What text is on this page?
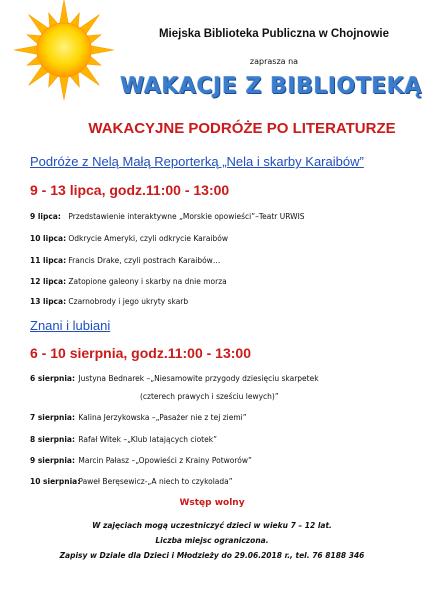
Miejska Biblioteka Publiczna w Chojnowie
zaprasza na
WAKACJE Z BIBLIOTEKĄ
WAKACYJNE PODRÓŻE PO LITERATURZE
Podróże z Nelą Małą Reporterką „Nela i skarby Karaibów”
9 - 13 lipca, godz.11:00 - 13:00
9 lipca: Przedstawienie interaktywne „Morskie opowieści”–Teatr URWIS
10 lipca: Odkrycie Ameryki, czyli odkrycie Karaibów
11 lipca: Francis Drake, czyli postrach Karaibów…
12 lipca: Zatopione galeony i skarby na dnie morza
13 lipca: Czarnobrody i jego ukryty skarb
Znani i lubiani
6 - 10 sierpnia, godz.11:00 - 13:00
6 sierpnia: Justyna Bednarek –„Niesamowite przygody dziesięciu skarpetek
(czterech prawych i sześciu lewych)”
7 sierpnia: Kalina Jerzykowska –„Pasażer nie z tej ziemi”
8 sierpnia: Rafał Witek –„Klub latających ciotek”
9 sierpnia: Marcin Pałasz –„Opowieści z Krainy Potworów”
10 sierpnia: Paweł Beręsewicz-„A niech to czykolada”
Wstęp wolny
W zajęciach mogą uczestniczyć dzieci w wieku 7 – 12 lat.
Liczba miejsc ograniczona.
Zapisy w Dziale dla Dzieci i Młodzieży do 29.06.2018 r., tel. 76 8188 346
